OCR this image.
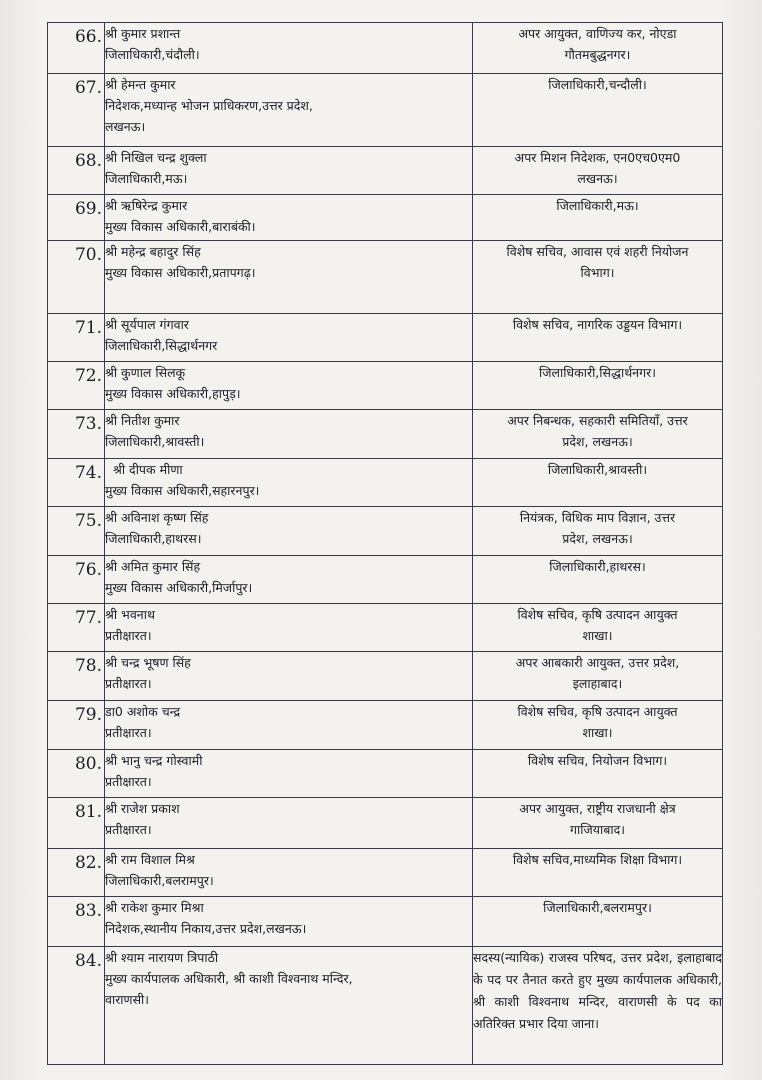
66.	श्री कुमार प्रशान्त
जिलाधिकारी,चंदौली।	अपर आयुक्त, वाणिज्य कर, नोएडा
गौतमबुद्धनगर।

67.	श्री हेमन्त कुमार
निदेशक,मध्यान्ह भोजन प्राधिकरण,उत्तर प्रदेश,
लखनऊ।	जिलाधिकारी,चन्दौली।

68.	श्री निखिल चन्द्र शुक्ला
जिलाधिकारी,मऊ।	अपर मिशन निदेशक, एन0एच0एम0
लखनऊ।

69.	श्री ऋषिरेन्द्र कुमार
मुख्य विकास अधिकारी,बाराबंकी।	जिलाधिकारी,मऊ।

70.	श्री महेन्द्र बहादुर सिंह
मुख्य विकास अधिकारी,प्रतापगढ़।	विशेष सचिव, आवास एवं शहरी नियोजन
विभाग।

71.	श्री सूर्यपाल गंगवार
जिलाधिकारी,सिद्धार्थनगर	विशेष सचिव, नागरिक उड्डयन विभाग।

72.	श्री कुणाल सिलकू
मुख्य विकास अधिकारी,हापुड़।	जिलाधिकारी,सिद्धार्थनगर।

73.	श्री नितीश कुमार
जिलाधिकारी,श्रावस्ती।	अपर निबन्धक, सहकारी समितियाँ, उत्तर
प्रदेश, लखनऊ।

74.	श्री दीपक मीणा
मुख्य विकास अधिकारी,सहारनपुर।	जिलाधिकारी,श्रावस्ती।

75.	श्री अविनाश कृष्ण सिंह
जिलाधिकारी,हाथरस।	नियंत्रक, विधिक माप विज्ञान, उत्तर
प्रदेश, लखनऊ।

76.	श्री अमित कुमार सिंह
मुख्य विकास अधिकारी,मिर्जापुर।	जिलाधिकारी,हाथरस।

77.	श्री भवनाथ
प्रतीक्षारत।	विशेष सचिव, कृषि उत्पादन आयुक्त
शाखा।

78.	श्री चन्द्र भूषण सिंह
प्रतीक्षारत।	अपर आबकारी आयुक्त, उत्तर प्रदेश,
इलाहाबाद।

79.	डा0 अशोक चन्द्र
प्रतीक्षारत।	विशेष सचिव, कृषि उत्पादन आयुक्त
शाखा।

80.	श्री भानु चन्द्र गोस्वामी
प्रतीक्षारत।	विशेष सचिव, नियोजन विभाग।

81.	श्री राजेश प्रकाश
प्रतीक्षारत।	अपर आयुक्त, राष्ट्रीय राजधानी क्षेत्र
गाजियाबाद।

82.	श्री राम विशाल मिश्र
जिलाधिकारी,बलरामपुर।	विशेष सचिव,माध्यमिक शिक्षा विभाग।

83.	श्री राकेश कुमार मिश्रा
निदेशक,स्थानीय निकाय,उत्तर प्रदेश,लखनऊ।	जिलाधिकारी,बलरामपुर।

84.	श्री श्याम नारायण त्रिपाठी
मुख्य कार्यपालक अधिकारी, श्री काशी विश्वनाथ मन्दिर,
वाराणसी।	सदस्य(न्यायिक) राजस्व परिषद, उत्तर प्रदेश, इलाहाबाद के पद पर तैनात करते हुए मुख्य कार्यपालक अधिकारी, श्री काशी विश्वनाथ मन्दिर, वाराणसी के पद का अतिरिक्त प्रभार दिया जाना।
